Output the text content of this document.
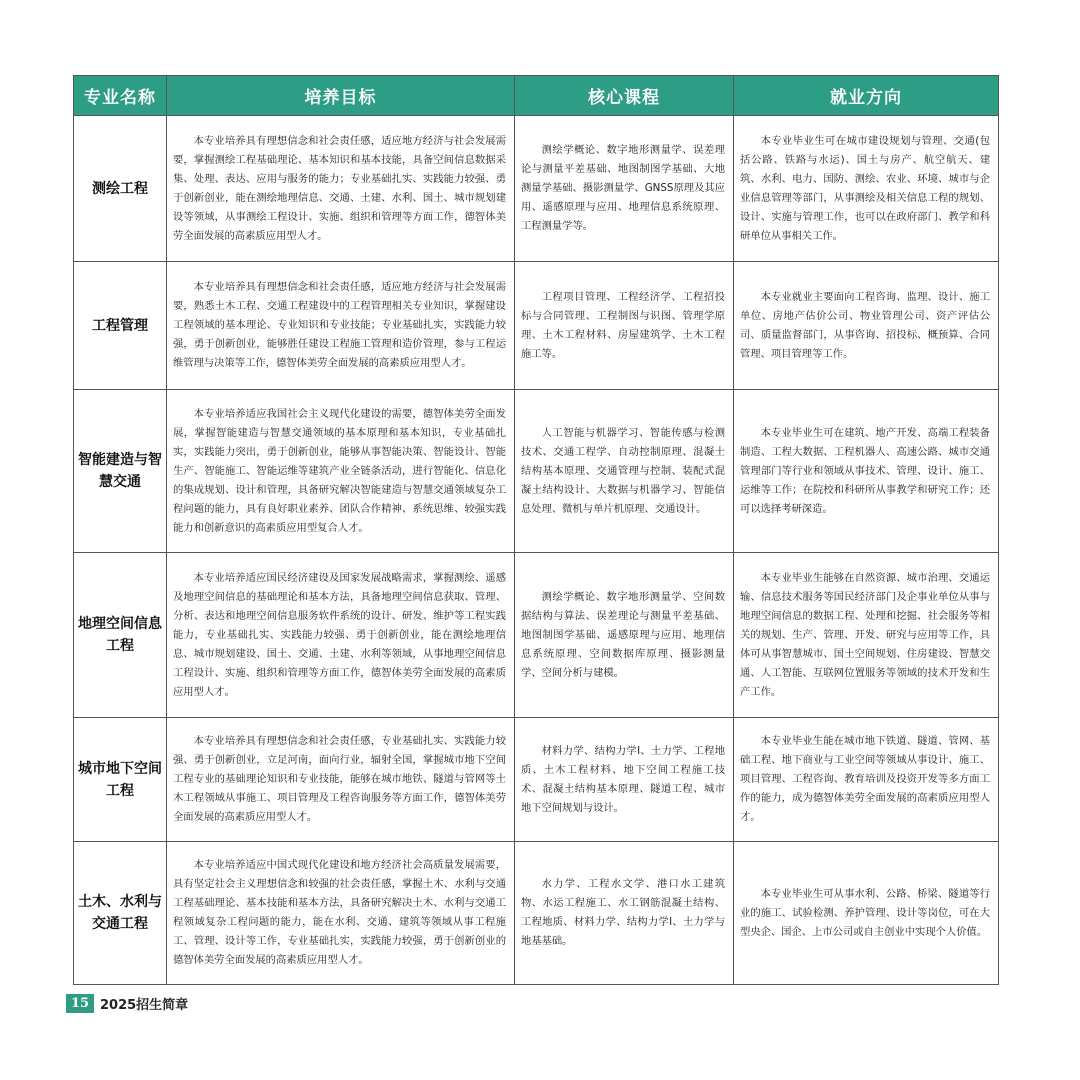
专业名称	培养目标	核心课程	就业方向
测绘工程	本专业培养具有理想信念和社会责任感，适应地方经济与社会发展需要，掌握测绘工程基础理论、基本知识和基本技能，具备空间信息数据采集、处理、表达、应用与服务的能力；专业基础扎实、实践能力较强、勇于创新创业，能在测绘地理信息、交通、土建、水利、国土、城市规划建设等领域，从事测绘工程设计、实施、组织和管理等方面工作，德智体美劳全面发展的高素质应用型人才。	测绘学概论、数字地形测量学、误差理论与测量平差基础、地图制图学基础、大地测量学基础、摄影测量学、GNSS原理及其应用、遥感原理与应用、地理信息系统原理、工程测量学等。	本专业毕业生可在城市建设规划与管理、交通(包括公路、铁路与水运)、国土与房产、航空航天、建筑、水利、电力、国防、测绘、农业、环境、城市与企业信息管理等部门，从事测绘及相关信息工程的规划、设计、实施与管理工作，也可以在政府部门、教学和科研单位从事相关工作。
工程管理	本专业培养具有理想信念和社会责任感，适应地方经济与社会发展需要，熟悉土木工程、交通工程建设中的工程管理相关专业知识，掌握建设工程领域的基本理论、专业知识和专业技能；专业基础扎实，实践能力较强，勇于创新创业，能够胜任建设工程施工管理和造价管理，参与工程运维管理与决策等工作，德智体美劳全面发展的高素质应用型人才。	工程项目管理、工程经济学、工程招投标与合同管理、工程制图与识图、管理学原理、土木工程材料、房屋建筑学、土木工程施工等。	本专业就业主要面向工程咨询、监理、设计、施工单位、房地产估价公司、物业管理公司、资产评估公司、质量监督部门，从事咨询、招投标、概预算、合同管理、项目管理等工作。
智能建造与智慧交通	本专业培养适应我国社会主义现代化建设的需要，德智体美劳全面发展，掌握智能建造与智慧交通领域的基本原理和基本知识，专业基础扎实，实践能力突出，勇于创新创业，能够从事智能决策、智能设计、智能生产、智能施工、智能运维等建筑产业全链条活动，进行智能化、信息化的集成规划、设计和管理，具备研究解决智能建造与智慧交通领域复杂工程问题的能力，具有良好职业素养、团队合作精神、系统思维、较强实践能力和创新意识的高素质应用型复合人才。	人工智能与机器学习、智能传感与检测技术、交通工程学、自动控制原理、混凝土结构基本原理、交通管理与控制、装配式混凝土结构设计、大数据与机器学习、智能信息处理、微机与单片机原理、交通设计。	本专业毕业生可在建筑、地产开发、高端工程装备制造、工程大数据、工程机器人、高速公路、城市交通管理部门等行业和领域从事技术、管理、设计、施工、运维等工作；在院校和科研所从事教学和研究工作；还可以选择考研深造。
地理空间信息工程	本专业培养适应国民经济建设及国家发展战略需求，掌握测绘、遥感及地理空间信息的基础理论和基本方法，具备地理空间信息获取、管理、分析、表达和地理空间信息服务软件系统的设计、研发、维护等工程实践能力，专业基础扎实、实践能力较强、勇于创新创业，能在测绘地理信息、城市规划建设、国土、交通、土建、水利等领域，从事地理空间信息工程设计、实施、组织和管理等方面工作，德智体美劳全面发展的高素质应用型人才。	测绘学概论、数字地形测量学、空间数据结构与算法、误差理论与测量平差基础、地图制图学基础、遥感原理与应用、地理信息系统原理、空间数据库原理、摄影测量学、空间分析与建模。	本专业毕业生能够在自然资源、城市治理、交通运输、信息技术服务等国民经济部门及企事业单位从事与地理空间信息的数据工程、处理和挖掘、社会服务等相关的规划、生产、管理、开发、研究与应用等工作，具体可从事智慧城市、国土空间规划、住房建设、智慧交通、人工智能、互联网位置服务等领域的技术开发和生产工作。
城市地下空间工程	本专业培养具有理想信念和社会责任感，专业基础扎实、实践能力较强、勇于创新创业，立足河南，面向行业，辐射全国，掌握城市地下空间工程专业的基础理论知识和专业技能，能够在城市地铁、隧道与管网等土木工程领域从事施工、项目管理及工程咨询服务等方面工作，德智体美劳全面发展的高素质应用型人才。	材料力学、结构力学I、土力学、工程地质、土木工程材料、地下空间工程施工技术、混凝土结构基本原理、隧道工程、城市地下空间规划与设计。	本专业毕业生能在城市地下铁道、隧道、管网、基础工程、地下商业与工业空间等领域从事设计、施工、项目管理、工程咨询、教育培训及投资开发等多方面工作的能力，成为德智体美劳全面发展的高素质应用型人才。
土木、水利与交通工程	本专业培养适应中国式现代化建设和地方经济社会高质量发展需要，具有坚定社会主义理想信念和较强的社会责任感，掌握土木、水利与交通工程基础理论、基本技能和基本方法，具备研究解决土木、水利与交通工程领域复杂工程问题的能力，能在水利、交通、建筑等领域从事工程施工、管理、设计等工作，专业基础扎实，实践能力较强，勇于创新创业的德智体美劳全面发展的高素质应用型人才。	水力学、工程水文学、港口水工建筑物、水运工程施工、水工钢筋混凝土结构、工程地质、材料力学、结构力学Ⅰ、土力学与地基基础。	本专业毕业生可从事水利、公路、桥梁、隧道等行业的施工、试验检测、养护管理、设计等岗位，可在大型央企、国企、上市公司或自主创业中实现个人价值。
15 2025招生简章
